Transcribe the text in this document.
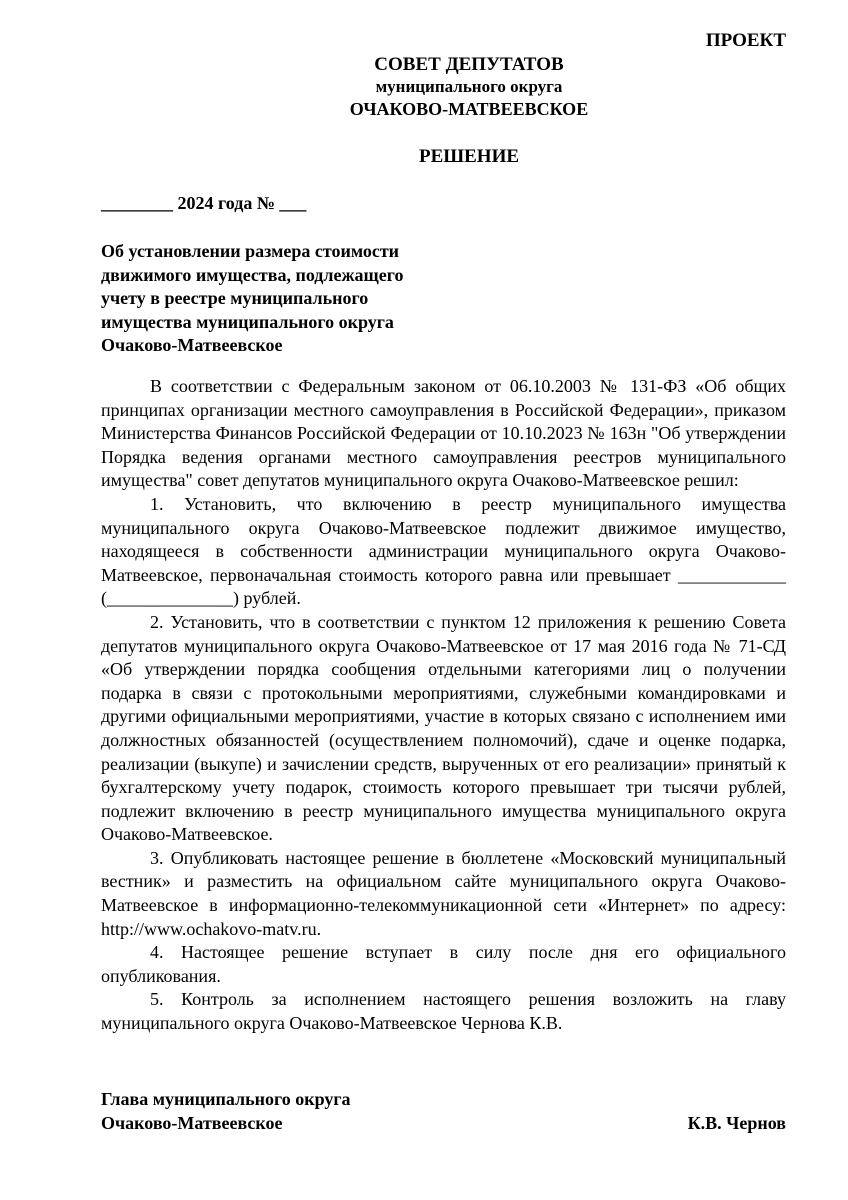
ПРОЕКТ
СОВЕТ ДЕПУТАТОВ
муниципального округа
ОЧАКОВО-МАТВЕЕВСКОЕ
РЕШЕНИЕ
________ 2024 года № ___
Об установлении размера стоимости
движимого имущества, подлежащего
учету в реестре муниципального
имущества муниципального округа
Очаково-Матвеевское

В соответствии с Федеральным законом от 06.10.2003 № 131-ФЗ «Об общих принципах организации местного самоуправления в Российской Федерации», приказом Министерства Финансов Российской Федерации от 10.10.2023 № 163н "Об утверждении Порядка ведения органами местного самоуправления реестров муниципального имущества" совет депутатов муниципального округа Очаково-Матвеевское решил:

1. Установить, что включению в реестр муниципального имущества муниципального округа Очаково-Матвеевское подлежит движимое имущество, находящееся в собственности администрации муниципального округа Очаково-Матвеевское, первоначальная стоимость которого равна или превышает ____________ (______________) рублей.

2. Установить, что в соответствии с пунктом 12 приложения к решению Совета депутатов муниципального округа Очаково-Матвеевское от 17 мая 2016 года № 71-СД «Об утверждении порядка сообщения отдельными категориями лиц о получении подарка в связи с протокольными мероприятиями, служебными командировками и другими официальными мероприятиями, участие в которых связано с исполнением ими должностных обязанностей (осуществлением полномочий), сдаче и оценке подарка, реализации (выкупе) и зачислении средств, вырученных от его реализации» принятый к бухгалтерскому учету подарок, стоимость которого превышает три тысячи рублей, подлежит включению в реестр муниципального имущества муниципального округа Очаково-Матвеевское.

3. Опубликовать настоящее решение в бюллетене «Московский муниципальный вестник» и разместить на официальном сайте муниципального округа Очаково-Матвеевское в информационно-телекоммуникационной сети «Интернет» по адресу: http://www.ochakovo-matv.ru.

4. Настоящее решение вступает в силу после дня его официального опубликования.

5. Контроль за исполнением настоящего решения возложить на главу муниципального округа Очаково-Матвеевское Чернова К.В.

Глава муниципального округа
Очаково-Матвеевское	К.В. Чернов
